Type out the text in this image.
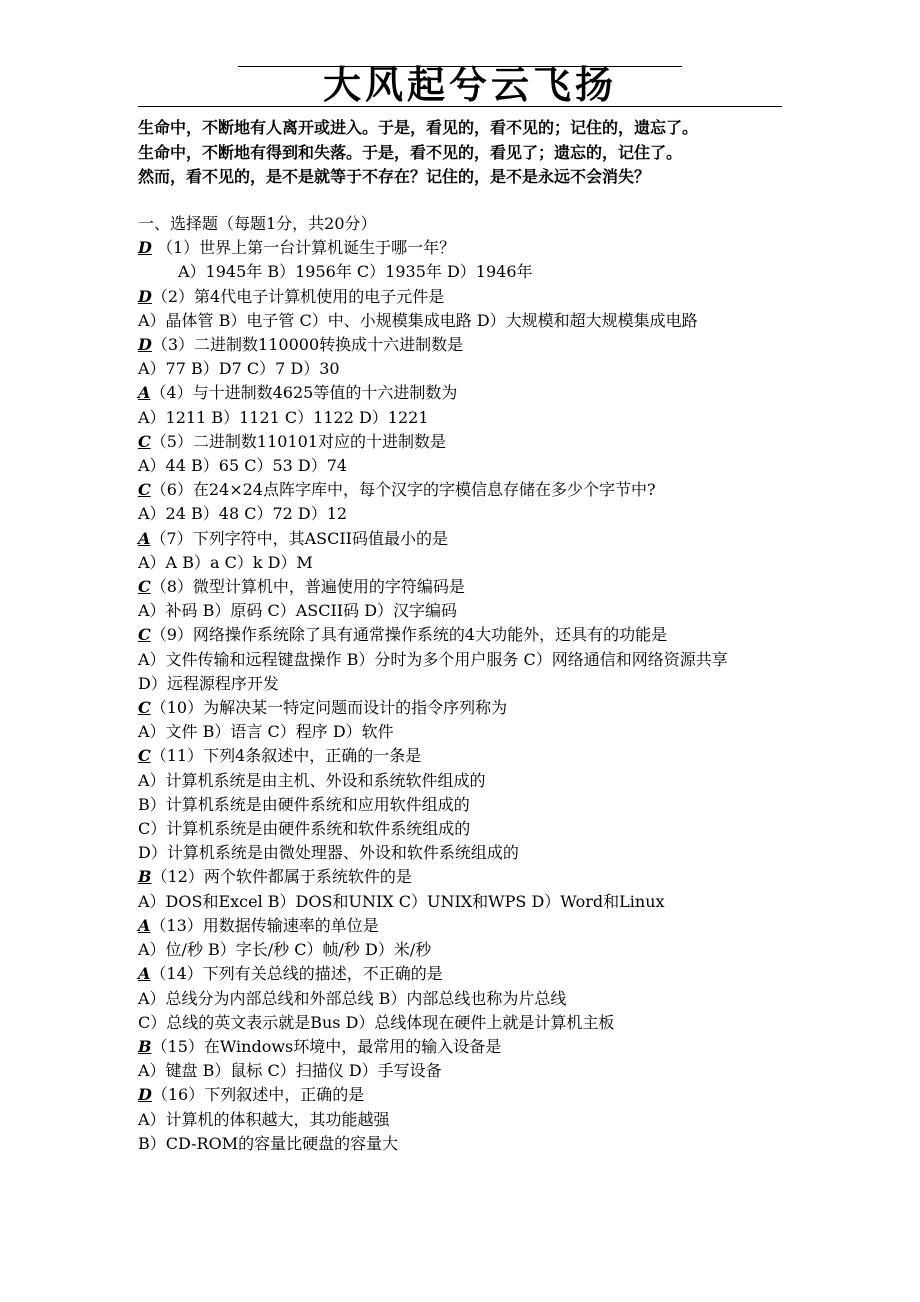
大风起兮云飞扬
生命中，不断地有人离开或进入。于是，看见的，看不见的；记住的，遗忘了。
生命中，不断地有得到和失落。于是，看不见的，看见了；遗忘的，记住了。
然而，看不见的，是不是就等于不存在？记住的，是不是永远不会消失？
一、选择题（每题1分，共20分）
D （1）世界上第一台计算机诞生于哪一年？
A）1945年 B）1956年 C）1935年 D）1946年
D（2）第4代电子计算机使用的电子元件是
A）晶体管 B）电子管 C）中、小规模集成电路 D）大规模和超大规模集成电路
D（3）二进制数110000转换成十六进制数是
A）77 B）D7 C）7 D）30
A（4）与十进制数4625等值的十六进制数为
A）1211 B）1121 C）1122 D）1221
C（5）二进制数110101对应的十进制数是
A）44 B）65 C）53 D）74
C（6）在24×24点阵字库中，每个汉字的字模信息存储在多少个字节中?
A）24 B）48 C）72 D）12
A（7）下列字符中，其ASCII码值最小的是
A）A B）a C）k D）M
C（8）微型计算机中，普遍使用的字符编码是
A）补码 B）原码 C）ASCII码 D）汉字编码
C（9）网络操作系统除了具有通常操作系统的4大功能外，还具有的功能是
A）文件传输和远程键盘操作 B）分时为多个用户服务 C）网络通信和网络资源共享
D）远程源程序开发
C（10）为解决某一特定问题而设计的指令序列称为
A）文件 B）语言 C）程序 D）软件
C（11）下列4条叙述中，正确的一条是
A）计算机系统是由主机、外设和系统软件组成的
B）计算机系统是由硬件系统和应用软件组成的
C）计算机系统是由硬件系统和软件系统组成的
D）计算机系统是由微处理器、外设和软件系统组成的
B（12）两个软件都属于系统软件的是
A）DOS和Excel B）DOS和UNIX C）UNIX和WPS D）Word和Linux
A（13）用数据传输速率的单位是
A）位/秒 B）字长/秒 C）帧/秒 D）米/秒
A（14）下列有关总线的描述，不正确的是
A）总线分为内部总线和外部总线 B）内部总线也称为片总线
C）总线的英文表示就是Bus D）总线体现在硬件上就是计算机主板
B（15）在Windows环境中，最常用的输入设备是
A）键盘 B）鼠标 C）扫描仪 D）手写设备
D（16）下列叙述中，正确的是
A）计算机的体积越大，其功能越强
B）CD-ROM的容量比硬盘的容量大
